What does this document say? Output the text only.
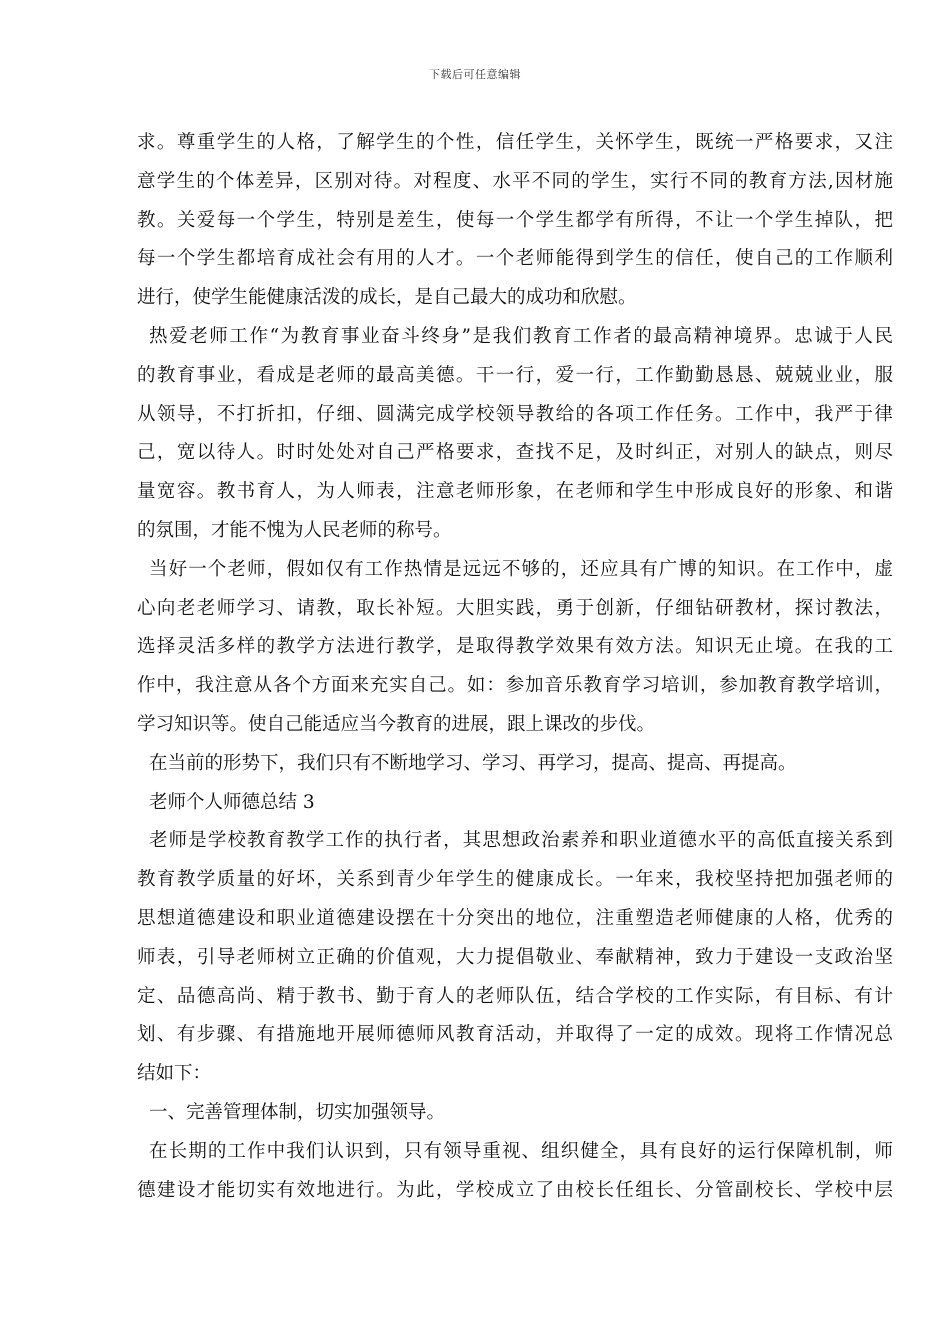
下载后可任意编辑
求。尊重学生的人格，了解学生的个性，信任学生，关怀学生，既统一严格要求，又注
意学生的个体差异，区别对待。对程度、水平不同的学生，实行不同的教育方法,因材施
教。关爱每一个学生，特别是差生，使每一个学生都学有所得，不让一个学生掉队，把
每一个学生都培育成社会有用的人才。一个老师能得到学生的信任，使自己的工作顺利
进行，使学生能健康活泼的成长，是自己最大的成功和欣慰。
热爱老师工作“为教育事业奋斗终身”是我们教育工作者的最高精神境界。忠诚于人民
的教育事业，看成是老师的最高美德。干一行，爱一行，工作勤勤恳恳、兢兢业业，服
从领导，不打折扣，仔细、圆满完成学校领导教给的各项工作任务。工作中，我严于律
己，宽以待人。时时处处对自己严格要求，查找不足，及时纠正，对别人的缺点，则尽
量宽容。教书育人，为人师表，注意老师形象，在老师和学生中形成良好的形象、和谐
的氛围，才能不愧为人民老师的称号。
当好一个老师，假如仅有工作热情是远远不够的，还应具有广博的知识。在工作中，虚
心向老老师学习、请教，取长补短。大胆实践，勇于创新，仔细钻研教材，探讨教法，
选择灵活多样的教学方法进行教学，是取得教学效果有效方法。知识无止境。在我的工
作中，我注意从各个方面来充实自己。如：参加音乐教育学习培训，参加教育教学培训，
学习知识等。使自己能适应当今教育的进展，跟上课改的步伐。
在当前的形势下，我们只有不断地学习、学习、再学习，提高、提高、再提高。
老师个人师德总结 3
老师是学校教育教学工作的执行者，其思想政治素养和职业道德水平的高低直接关系到
教育教学质量的好坏，关系到青少年学生的健康成长。一年来，我校坚持把加强老师的
思想道德建设和职业道德建设摆在十分突出的地位，注重塑造老师健康的人格，优秀的
师表，引导老师树立正确的价值观，大力提倡敬业、奉献精神，致力于建设一支政治坚
定、品德高尚、精于教书、勤于育人的老师队伍，结合学校的工作实际，有目标、有计
划、有步骤、有措施地开展师德师风教育活动，并取得了一定的成效。现将工作情况总
结如下：
一、完善管理体制，切实加强领导。
在长期的工作中我们认识到，只有领导重视、组织健全，具有良好的运行保障机制，师
德建设才能切实有效地进行。为此，学校成立了由校长任组长、分管副校长、学校中层
